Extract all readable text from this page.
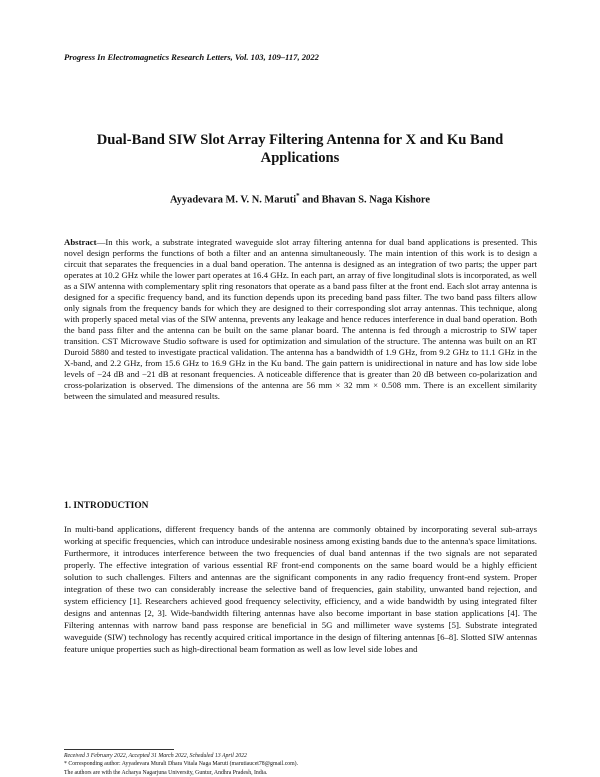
Progress In Electromagnetics Research Letters, Vol. 103, 109–117, 2022
Dual-Band SIW Slot Array Filtering Antenna for X and Ku Band Applications
Ayyadevara M. V. N. Maruti* and Bhavan S. Naga Kishore
Abstract—In this work, a substrate integrated waveguide slot array filtering antenna for dual band applications is presented. This novel design performs the functions of both a filter and an antenna simultaneously. The main intention of this work is to design a circuit that separates the frequencies in a dual band operation. The antenna is designed as an integration of two parts; the upper part operates at 10.2 GHz while the lower part operates at 16.4 GHz. In each part, an array of five longitudinal slots is incorporated, as well as a SIW antenna with complementary split ring resonators that operate as a band pass filter at the front end. Each slot array antenna is designed for a specific frequency band, and its function depends upon its preceding band pass filter. The two band pass filters allow only signals from the frequency bands for which they are designed to their corresponding slot array antennas. This technique, along with properly spaced metal vias of the SIW antenna, prevents any leakage and hence reduces interference in dual band operation. Both the band pass filter and the antenna can be built on the same planar board. The antenna is fed through a microstrip to SIW taper transition. CST Microwave Studio software is used for optimization and simulation of the structure. The antenna was built on an RT Duroid 5880 and tested to investigate practical validation. The antenna has a bandwidth of 1.9 GHz, from 9.2 GHz to 11.1 GHz in the X-band, and 2.2 GHz, from 15.6 GHz to 16.9 GHz in the Ku band. The gain pattern is unidirectional in nature and has low side lobe levels of −24 dB and −21 dB at resonant frequencies. A noticeable difference that is greater than 20 dB between co-polarization and cross-polarization is observed. The dimensions of the antenna are 56 mm × 32 mm × 0.508 mm. There is an excellent similarity between the simulated and measured results.
1. INTRODUCTION
In multi-band applications, different frequency bands of the antenna are commonly obtained by incorporating several sub-arrays working at specific frequencies, which can introduce undesirable nosiness among existing bands due to the antenna's space limitations. Furthermore, it introduces interference between the two frequencies of dual band antennas if the two signals are not separated properly. The effective integration of various essential RF front-end components on the same board would be a highly efficient solution to such challenges. Filters and antennas are the significant components in any radio frequency front-end system. Proper integration of these two can considerably increase the selective band of frequencies, gain stability, unwanted band rejection, and system efficiency [1]. Researchers achieved good frequency selectivity, efficiency, and a wide bandwidth by using integrated filter designs and antennas [2, 3]. Wide-bandwidth filtering antennas have also become important in base station applications [4]. The Filtering antennas with narrow band pass response are beneficial in 5G and millimeter wave systems [5]. Substrate integrated waveguide (SIW) technology has recently acquired critical importance in the design of filtering antennas [6–8]. Slotted SIW antennas feature unique properties such as high-directional beam formation as well as low level side lobes and
Received 3 February 2022, Accepted 31 March 2022, Scheduled 13 April 2022
* Corresponding author: Ayyadevara Murali Dhara Vitala Naga Maruti (marutiaucet78@gmail.com).
The authors are with the Acharya Nagarjuna University, Guntur, Andhra Pradesh, India.
